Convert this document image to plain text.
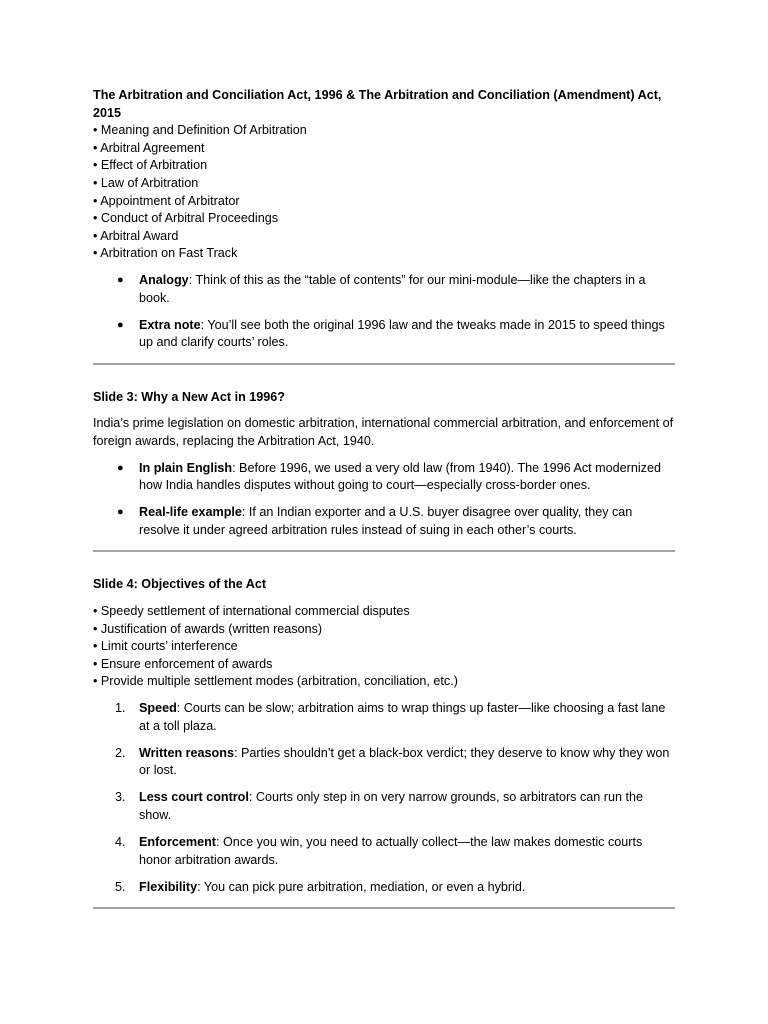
The Arbitration and Conciliation Act, 1996 & The Arbitration and Conciliation (Amendment) Act, 2015

• Meaning and Definition Of Arbitration
• Arbitral Agreement
• Effect of Arbitration
• Law of Arbitration
• Appointment of Arbitrator
• Conduct of Arbitral Proceedings
• Arbitral Award
• Arbitration on Fast Track
● Analogy: Think of this as the “table of contents” for our mini-module—like the chapters in a book.
● Extra note: You’ll see both the original 1996 law and the tweaks made in 2015 to speed things up and clarify courts’ roles.
Slide 3: Why a New Act in 1996?

India’s prime legislation on domestic arbitration, international commercial arbitration, and enforcement of foreign awards, replacing the Arbitration Act, 1940.

● In plain English: Before 1996, we used a very old law (from 1940). The 1996 Act modernized how India handles disputes without going to court—especially cross-border ones.
● Real-life example: If an Indian exporter and a U.S. buyer disagree over quality, they can resolve it under agreed arbitration rules instead of suing in each other’s courts.
Slide 4: Objectives of the Act
• Speedy settlement of international commercial disputes
• Justification of awards (written reasons)
• Limit courts’ interference
• Ensure enforcement of awards
• Provide multiple settlement modes (arbitration, conciliation, etc.)
1. Speed: Courts can be slow; arbitration aims to wrap things up faster—like choosing a fast lane at a toll plaza.
2. Written reasons: Parties shouldn’t get a black-box verdict; they deserve to know why they won or lost.
3. Less court control: Courts only step in on very narrow grounds, so arbitrators can run the show.
4. Enforcement: Once you win, you need to actually collect—the law makes domestic courts honor arbitration awards.
5. Flexibility: You can pick pure arbitration, mediation, or even a hybrid.
